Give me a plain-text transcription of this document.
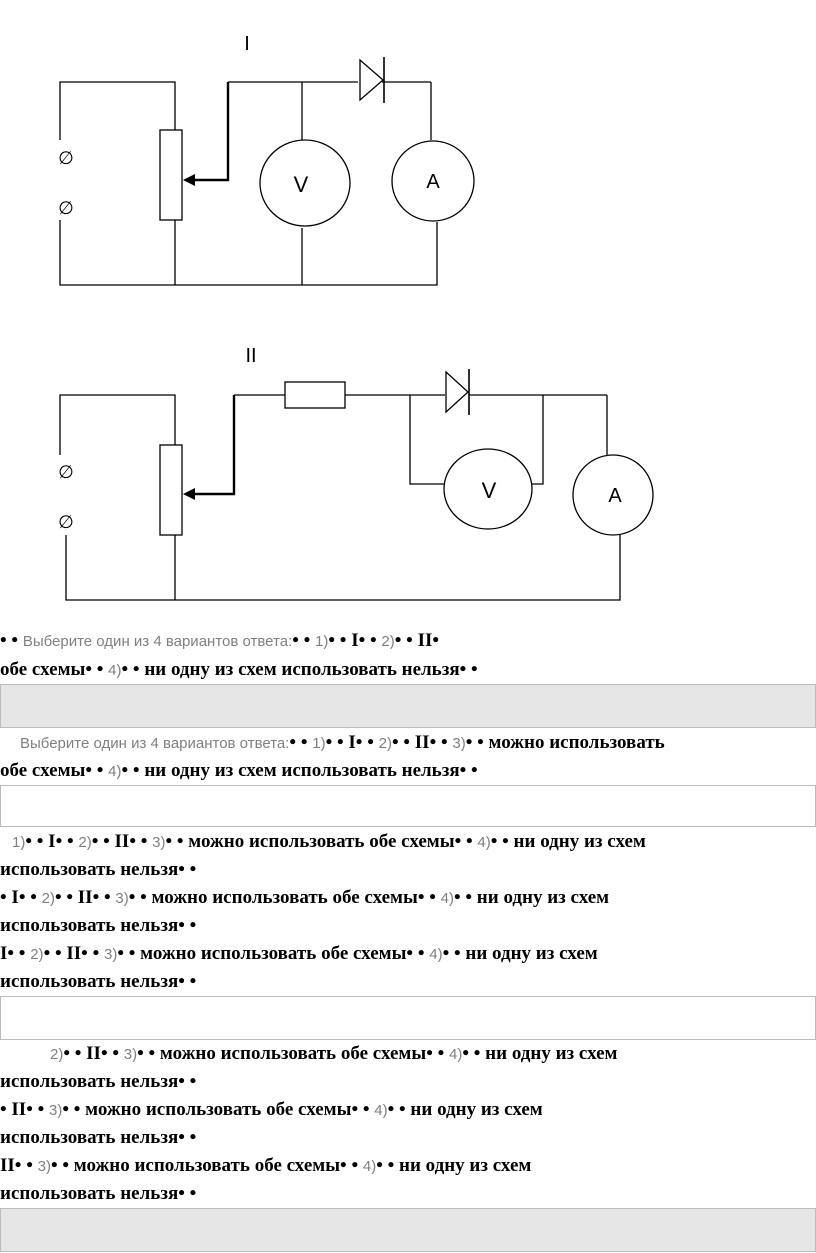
V	A
∅
∅
I
V	A
∅
∅
II
• • Выберите один из 4 вариантов ответа:• • 1)• • I• • 2)• • II•
обе схемы• • 4)• • ни одну из схем использовать нельзя• •
Выберите один из 4 вариантов ответа:• • 1)• • I• • 2)• • II• • 3)• • можно использовать
обе схемы• • 4)• • ни одну из схем использовать нельзя• •
1)• • I• • 2)• • II• • 3)• • можно использовать обе схемы• • 4)• • ни одну из схем
использовать нельзя• •
• I• • 2)• • II• • 3)• • можно использовать обе схемы• • 4)• • ни одну из схем
использовать нельзя• •
I• • 2)• • II• • 3)• • можно использовать обе схемы• • 4)• • ни одну из схем
использовать нельзя• •
2)• • II• • 3)• • можно использовать обе схемы• • 4)• • ни одну из схем
использовать нельзя• •
• II• • 3)• • можно использовать обе схемы• • 4)• • ни одну из схем
использовать нельзя• •
II• • 3)• • можно использовать обе схемы• • 4)• • ни одну из схем
использовать нельзя• •
